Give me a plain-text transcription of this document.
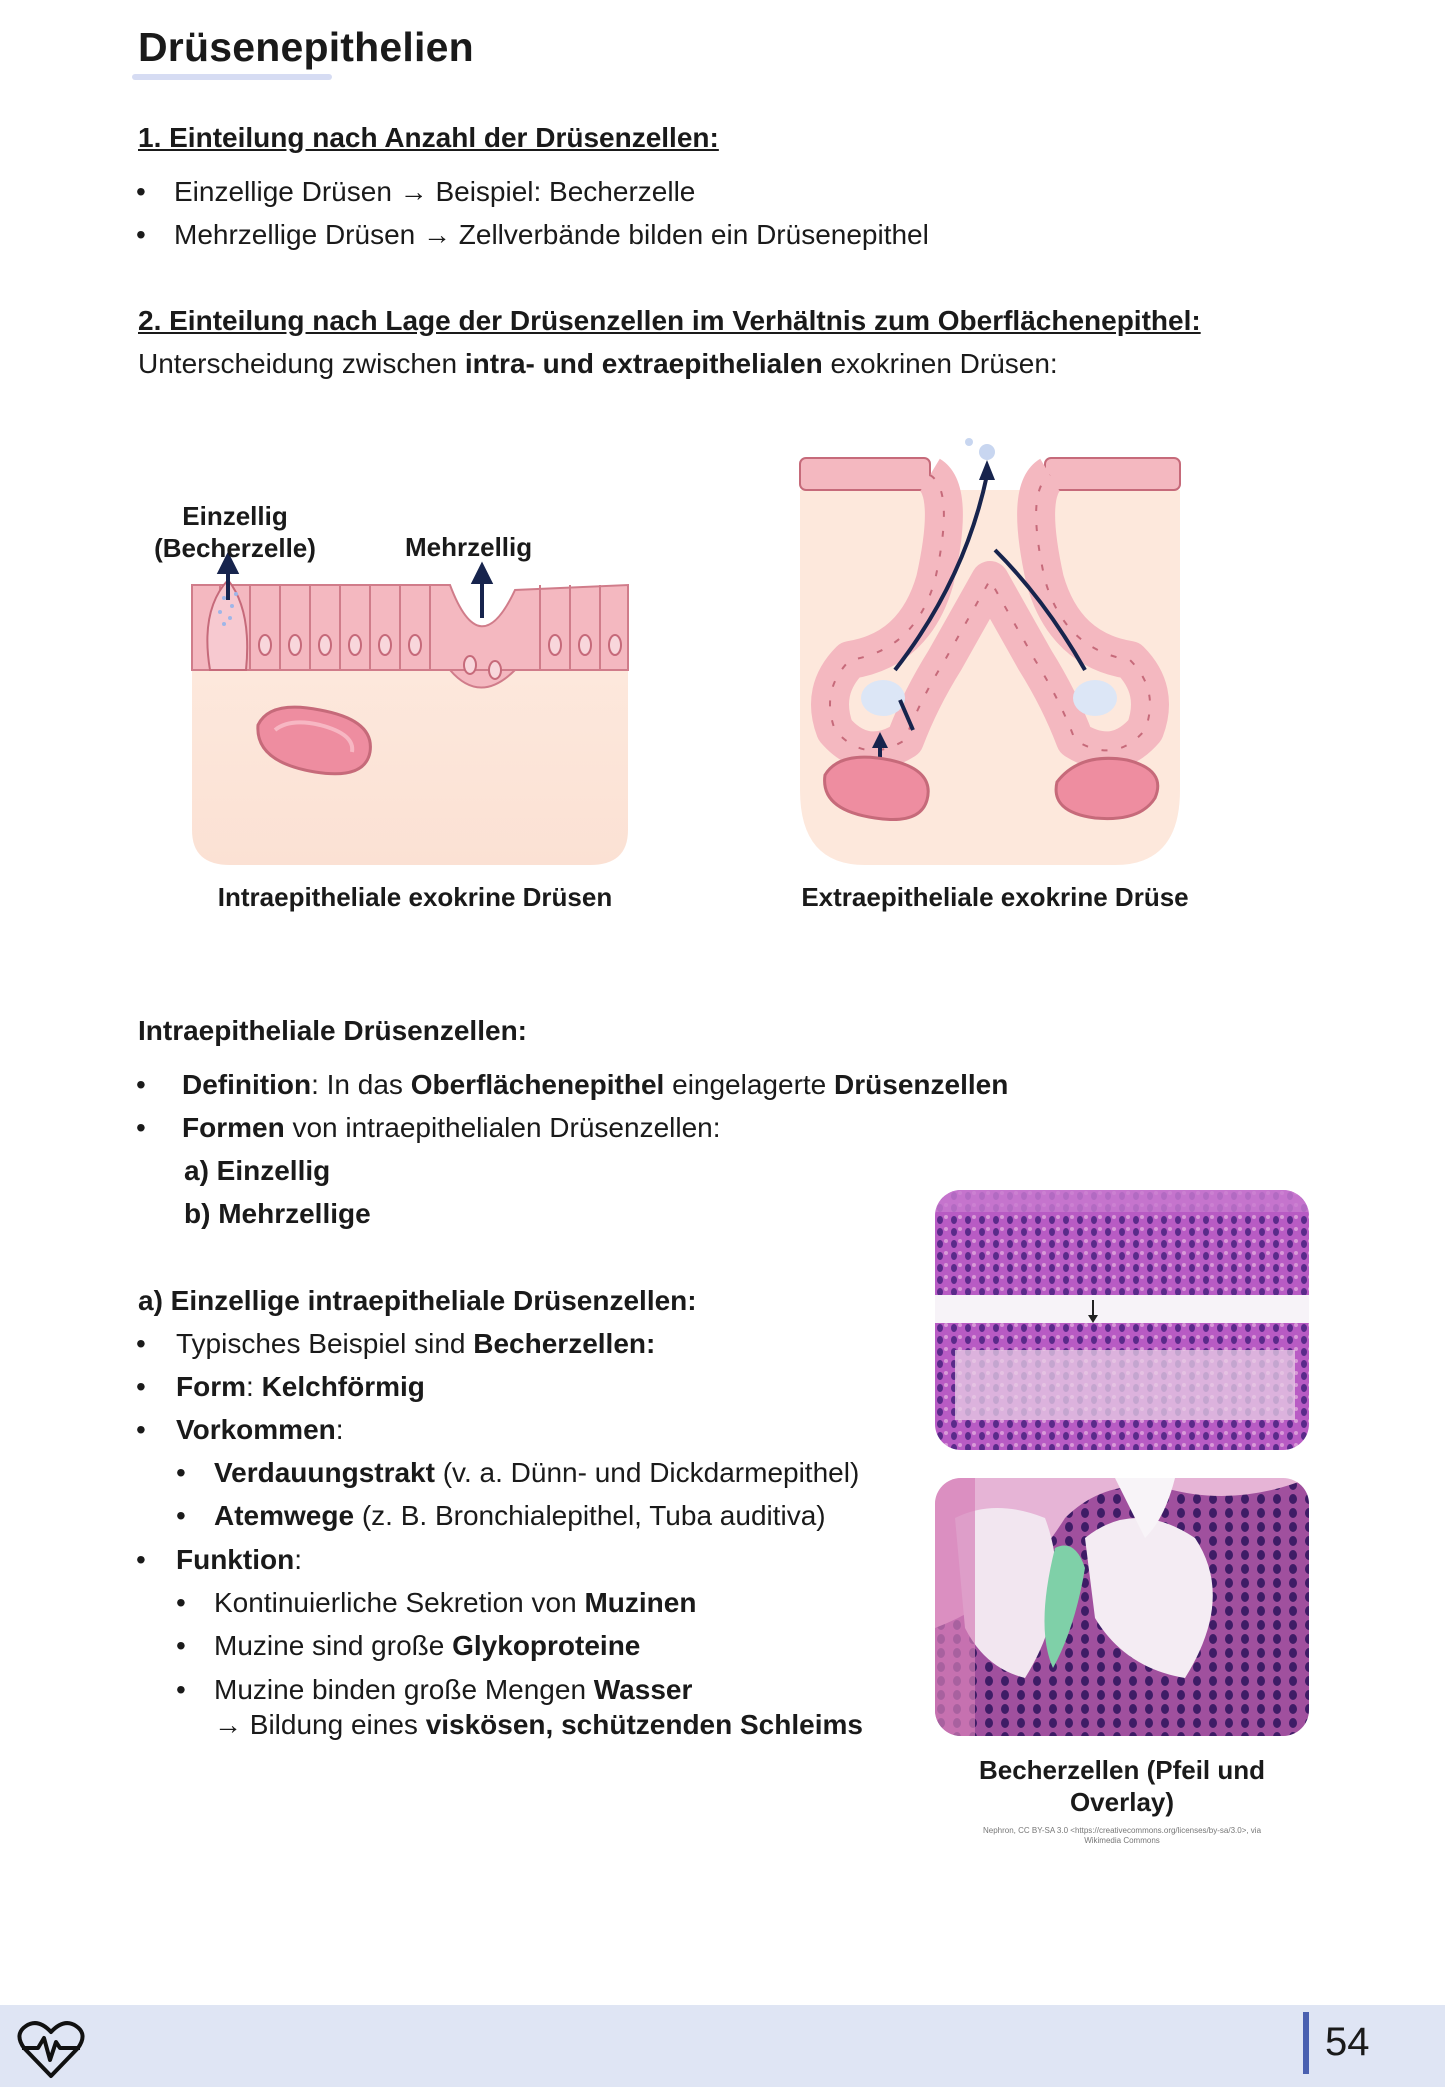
Drüsenepithelien
1. Einteilung nach Anzahl der Drüsenzellen:
• Einzellige Drüsen → Beispiel: Becherzelle
• Mehrzellige Drüsen → Zellverbände bilden ein Drüsenepithel
2. Einteilung nach Lage der Drüsenzellen im Verhältnis zum Oberflächenepithel:
Unterscheidung zwischen intra- und extraepithelialen exokrinen Drüsen:
Einzellig
(Becherzelle)	Mehrzellig
Intraepitheliale exokrine Drüsen	Extraepitheliale exokrine Drüse
Intraepitheliale Drüsenzellen:
• Definition: In das Oberflächenepithel eingelagerte Drüsenzellen
• Formen von intraepithelialen Drüsenzellen:
a) Einzellig
b) Mehrzellige
a) Einzellige intraepitheliale Drüsenzellen:
• Typisches Beispiel sind Becherzellen:
• Form: Kelchförmig
• Vorkommen:
• Verdauungstrakt (v. a. Dünn- und Dickdarmepithel)
• Atemwege (z. B. Bronchialepithel, Tuba auditiva)
• Funktion:
• Kontinuierliche Sekretion von Muzinen
• Muzine sind große Glykoproteine
• Muzine binden große Mengen Wasser
→ Bildung eines viskösen, schützenden Schleims
Becherzellen (Pfeil und
Overlay)
Nephron, CC BY-SA 3.0 <https://creativecommons.org/licenses/by-sa/3.0>, via
Wikimedia Commons
54
